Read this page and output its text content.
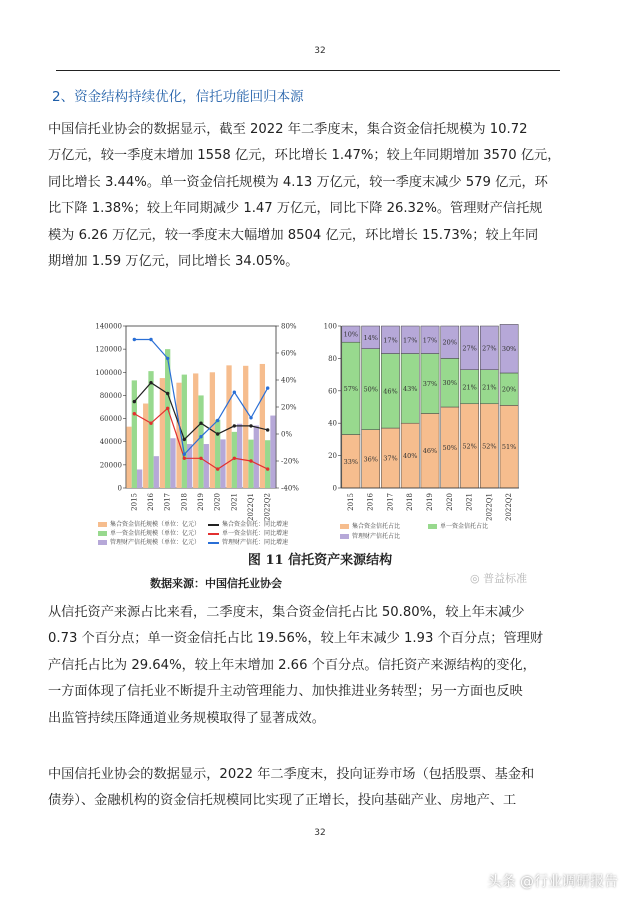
32
2、资金结构持续优化，信托功能回归本源
中国信托业协会的数据显示，截至 2022 年二季度末，集合资金信托规模为 10.72
万亿元，较一季度末增加 1558 亿元，环比增长 1.47%；较上年同期增加 3570 亿元，
同比增长 3.44%。单一资金信托规模为 4.13 万亿元，较一季度末减少 579 亿元，环
比下降 1.38%；较上年同期减少 1.47 万亿元，同比下降 26.32%。管理财产信托规
模为 6.26 万亿元，较一季度末大幅增加 8504 亿元，环比增长 15.73%；较上年同
期增加 1.59 万亿元，同比增长 34.05%。
0
20000
40000
60000
80000
100000
120000
140000
-40%
-20%
0%
20%
40%
60%
80%
2015 2016 2017 2018 2019 2020 2021 2022Q1 2022Q2
0
20
40
60
80
100
33%
57%
10%
2015
36%
50%
14%
2016
37%
46%
17%
2017
40%
43%
17%
2018
46%
37%
17%
2019
50%
30%
20%
2020
52%
21%
27%
2021
52%
21%
27%
2022Q1
51%
20%
30%
2022Q2
集合资金信托规模（单位：亿元）	集合资金信托：同比增速
单一资金信托规模（单位：亿元）	单一资金信托：同比增速
管理财产信托规模（单位：亿元）	管理财产信托：同比增速
集合资金信托占比	单一资金信托占比
管理财产信托占比
图 11 信托资产来源结构
数据来源：中国信托业协会	◎ 普益标准
从信托资产来源占比来看，二季度末，集合资金信托占比 50.80%，较上年末减少
0.73 个百分点；单一资金信托占比 19.56%，较上年末减少 1.93 个百分点；管理财
产信托占比为 29.64%，较上年末增加 2.66 个百分点。信托资产来源结构的变化，
一方面体现了信托业不断提升主动管理能力、加快推进业务转型；另一方面也反映
出监管持续压降通道业务规模取得了显著成效。
中国信托业协会的数据显示，2022 年二季度末，投向证券市场（包括股票、基金和
债券）、金融机构的资金信托规模同比实现了正增长，投向基础产业、房地产、工
32
头条 @行业调研报告
